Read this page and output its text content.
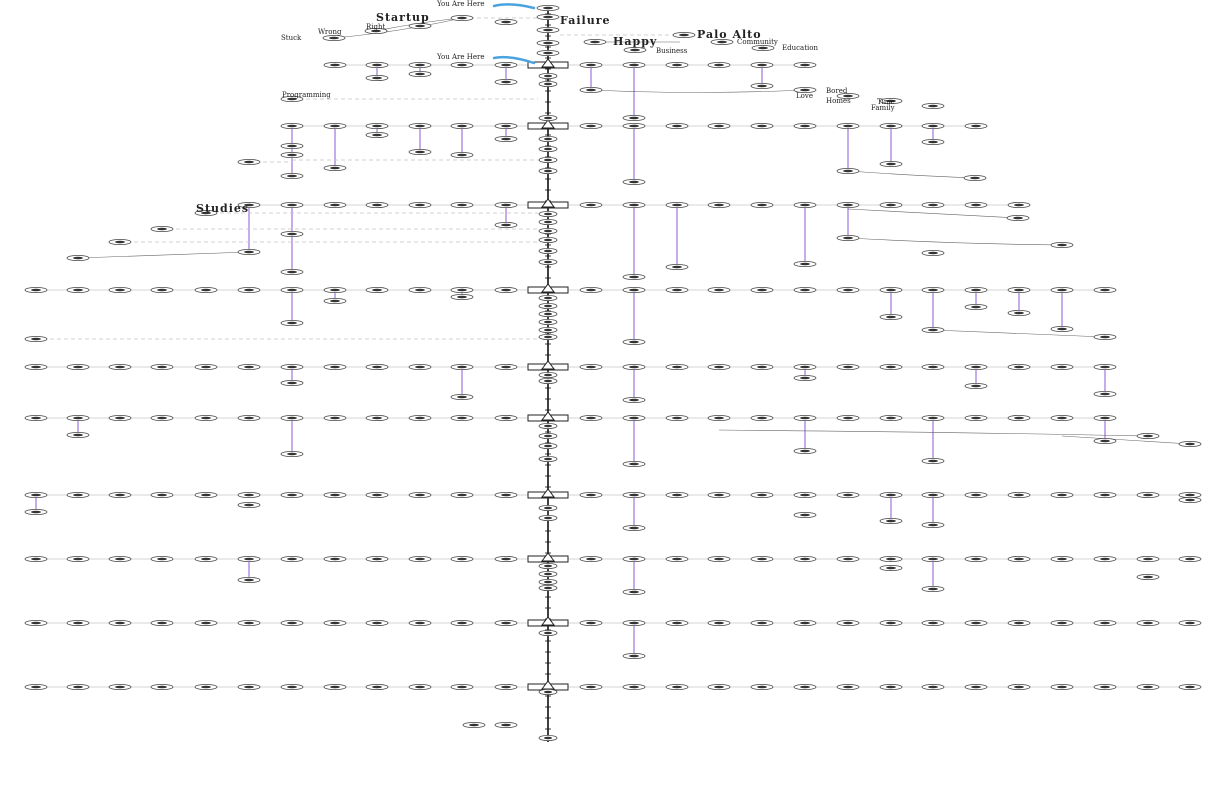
You Are Here
You Are Here
Startup	Failure
Right
Wrong
Stuck	Palo Alto
Happy	Community
Business	Education
Programming	Bored
Love
Homes	Time
Family
Studies
